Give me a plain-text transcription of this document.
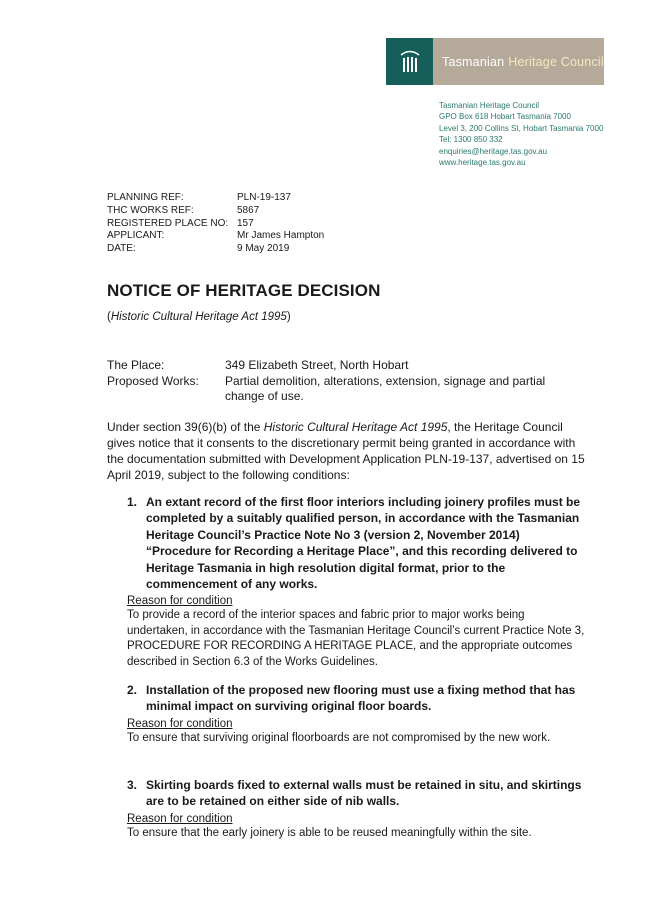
Tasmanian Heritage Council
Tasmanian Heritage Council
GPO Box 618 Hobart Tasmania 7000
Level 3, 200 Collins St, Hobart Tasmania 7000
Tel: 1300 850 332
enquiries@heritage.tas.gov.au
www.heritage.tas.gov.au
PLANNING REF:	PLN-19-137
THC WORKS REF:	5867
REGISTERED PLACE NO: 157
APPLICANT:	Mr James Hampton
DATE:	9 May 2019
NOTICE OF HERITAGE DECISION
(Historic Cultural Heritage Act 1995)
The Place:	349 Elizabeth Street, North Hobart
Proposed Works:	Partial demolition, alterations, extension, signage and partial change of use.
Under section 39(6)(b) of the Historic Cultural Heritage Act 1995, the Heritage Council gives notice that it consents to the discretionary permit being granted in accordance with the documentation submitted with Development Application PLN-19-137, advertised on 15 April 2019, subject to the following conditions:
1. An extant record of the first floor interiors including joinery profiles must be completed by a suitably qualified person, in accordance with the Tasmanian Heritage Council’s Practice Note No 3 (version 2, November 2014) “Procedure for Recording a Heritage Place”, and this recording delivered to Heritage Tasmania in high resolution digital format, prior to the commencement of any works.
Reason for condition
To provide a record of the interior spaces and fabric prior to major works being undertaken, in accordance with the Tasmanian Heritage Council’s current Practice Note 3, PROCEDURE FOR RECORDING A HERITAGE PLACE, and the appropriate outcomes described in Section 6.3 of the Works Guidelines.
2. Installation of the proposed new flooring must use a fixing method that has minimal impact on surviving original floor boards.
Reason for condition
To ensure that surviving original floorboards are not compromised by the new work.
3. Skirting boards fixed to external walls must be retained in situ, and skirtings are to be retained on either side of nib walls.
Reason for condition
To ensure that the early joinery is able to be reused meaningfully within the site.
